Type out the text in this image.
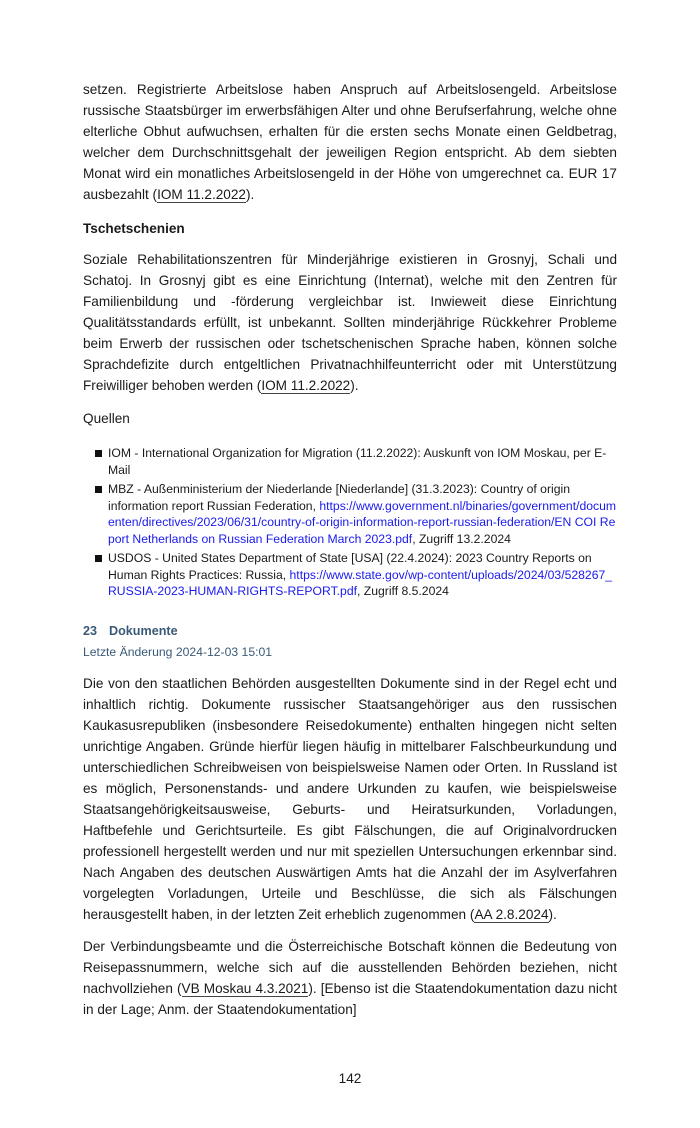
setzen. Registrierte Arbeitslose haben Anspruch auf Arbeitslosengeld. Arbeitslose russische Staatsbürger im erwerbsfähigen Alter und ohne Berufserfahrung, welche ohne elterliche Obhut aufwuchsen, erhalten für die ersten sechs Monate einen Geldbetrag, welcher dem Durchschnittsgehalt der jeweiligen Region entspricht. Ab dem siebten Monat wird ein monatliches Arbeitslosengeld in der Höhe von umgerechnet ca. EUR 17 ausbezahlt (IOM 11.2.2022).

Tschetschenien

Soziale Rehabilitationszentren für Minderjährige existieren in Grosnyj, Schali und Schatoj. In Grosnyj gibt es eine Einrichtung (Internat), welche mit den Zentren für Familienbildung und -förderung vergleichbar ist. Inwieweit diese Einrichtung Qualitätsstandards erfüllt, ist unbekannt. Sollten minderjährige Rückkehrer Probleme beim Erwerb der russischen oder tschetschenischen Sprache haben, können solche Sprachdefizite durch entgeltlichen Privatnachhilfeunterricht oder mit Unterstützung Freiwilliger behoben werden (IOM 11.2.2022).

Quellen

IOM - International Organization for Migration (11.2.2022): Auskunft von IOM Moskau, per E-Mail
MBZ - Außenministerium der Niederlande [Niederlande] (31.3.2023): Country of origin information report Russian Federation, https://www.government.nl/binaries/government/documenten/directives/2023/06/31/country-of-origin-information-report-russian-federation/EN COI Report Netherlands on Russian Federation March 2023.pdf, Zugriff 13.2.2024
USDOS - United States Department of State [USA] (22.4.2024): 2023 Country Reports on Human Rights Practices: Russia, https://www.state.gov/wp-content/uploads/2024/03/528267_RUSSIA-2023-HUMAN-RIGHTS-REPORT.pdf, Zugriff 8.5.2024
23 Dokumente
Letzte Änderung 2024-12-03 15:01

Die von den staatlichen Behörden ausgestellten Dokumente sind in der Regel echt und inhaltlich richtig. Dokumente russischer Staatsangehöriger aus den russischen Kaukasusrepubliken (insbesondere Reisedokumente) enthalten hingegen nicht selten unrichtige Angaben. Gründe hierfür liegen häufig in mittelbarer Falschbeurkundung und unterschiedlichen Schreibweisen von beispielsweise Namen oder Orten. In Russland ist es möglich, Personenstands- und andere Urkunden zu kaufen, wie beispielsweise Staatsangehörigkeitsausweise, Geburts- und Heiratsurkunden, Vorladungen, Haftbefehle und Gerichtsurteile. Es gibt Fälschungen, die auf Originalvordrucken professionell hergestellt werden und nur mit speziellen Untersuchungen erkennbar sind. Nach Angaben des deutschen Auswärtigen Amts hat die Anzahl der im Asylverfahren vorgelegten Vorladungen, Urteile und Beschlüsse, die sich als Fälschungen herausgestellt haben, in der letzten Zeit erheblich zugenommen (AA 2.8.2024).

Der Verbindungsbeamte und die Österreichische Botschaft können die Bedeutung von Reisepassnummern, welche sich auf die ausstellenden Behörden beziehen, nicht nachvollziehen (VB Moskau 4.3.2021). [Ebenso ist die Staatendokumentation dazu nicht in der Lage; Anm. der Staatendokumentation]

142
